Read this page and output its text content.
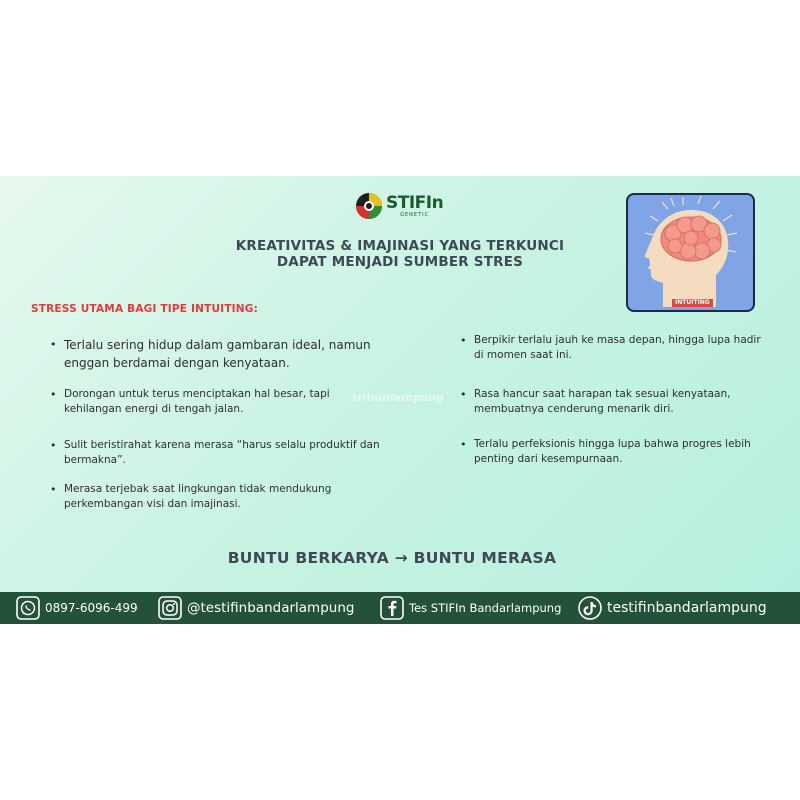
STIFIn
GENETIC
KREATIVITAS & IMAJINASI YANG TERKUNCI
DAPAT MENJADI SUMBER STRES
INTUITING
STRESS UTAMA BAGI TIPE INTUITING:
• Terlalu sering hidup dalam gambaran ideal, namun enggan berdamai dengan kenyataan.
• Dorongan untuk terus menciptakan hal besar, tapi kehilangan energi di tengah jalan.
• Sulit beristirahat karena merasa “harus selalu produktif dan bermakna”.
• Merasa terjebak saat lingkungan tidak mendukung perkembangan visi dan imajinasi.
• Berpikir terlalu jauh ke masa depan, hingga lupa hadir di momen saat ini.
• Rasa hancur saat harapan tak sesuai kenyataan, membuatnya cenderung menarik diri.
• Terlalu perfeksionis hingga lupa bahwa progres lebih penting dari kesempurnaan.
tribunlampung
BUNTU BERKARYA → BUNTU MERASA
0897-6096-499	@testifinbandarlampung	Tes STIFIn Bandarlampung	testifinbandarlampung
